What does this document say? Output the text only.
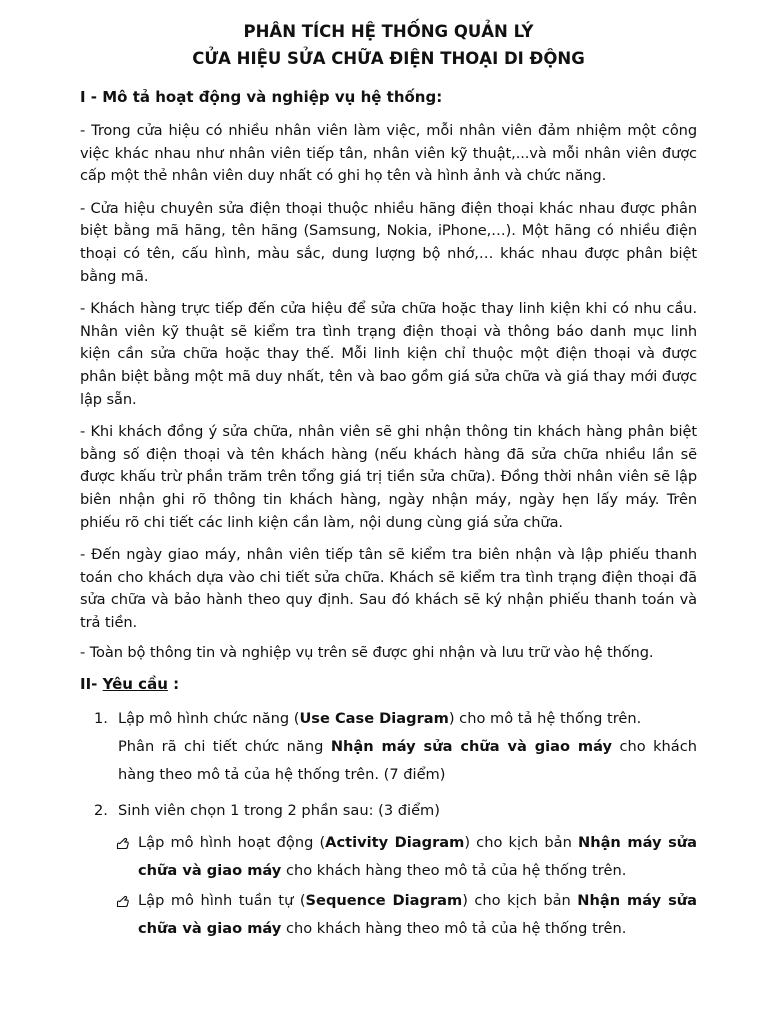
PHÂN TÍCH HỆ THỐNG QUẢN LÝ

CỬA HIỆU SỬA CHỮA ĐIỆN THOẠI DI ĐỘNG

I - Mô tả hoạt động và nghiệp vụ hệ thống:

- Trong cửa hiệu có nhiều nhân viên làm việc, mỗi nhân viên đảm nhiệm một công việc khác nhau như nhân viên tiếp tân, nhân viên kỹ thuật,...và mỗi nhân viên được cấp một thẻ nhân viên duy nhất có ghi họ tên và hình ảnh và chức năng.

- Cửa hiệu chuyên sửa điện thoại thuộc nhiều hãng điện thoại khác nhau được phân biệt bằng mã hãng, tên hãng (Samsung, Nokia, iPhone,…). Một hãng có nhiều điện thoại có tên, cấu hình, màu sắc, dung lượng bộ nhớ,… khác nhau được phân biệt bằng mã.

- Khách hàng trực tiếp đến cửa hiệu để sửa chữa hoặc thay linh kiện khi có nhu cầu. Nhân viên kỹ thuật sẽ kiểm tra tình trạng điện thoại và thông báo danh mục linh kiện cần sửa chữa hoặc thay thế. Mỗi linh kiện chỉ thuộc một điện thoại và được phân biệt bằng một mã duy nhất, tên và bao gồm giá sửa chữa và giá thay mới được lập sẵn.

- Khi khách đồng ý sửa chữa, nhân viên sẽ ghi nhận thông tin khách hàng phân biệt bằng số điện thoại và tên khách hàng (nếu khách hàng đã sửa chữa nhiều lần sẽ được khấu trừ phần trăm trên tổng giá trị tiền sửa chữa). Đồng thời nhân viên sẽ lập biên nhận ghi rõ thông tin khách hàng, ngày nhận máy, ngày hẹn lấy máy. Trên phiếu rõ chi tiết các linh kiện cần làm, nội dung cùng giá sửa chữa.

- Đến ngày giao máy, nhân viên tiếp tân sẽ kiểm tra biên nhận và lập phiếu thanh toán cho khách dựa vào chi tiết sửa chữa. Khách sẽ kiểm tra tình trạng điện thoại đã sửa chữa và bảo hành theo quy định. Sau đó khách sẽ ký nhận phiếu thanh toán và trả tiền.

- Toàn bộ thông tin và nghiệp vụ trên sẽ được ghi nhận và lưu trữ vào hệ thống.

II- Yêu cầu :

1. Lập mô hình chức năng (Use Case Diagram) cho mô tả hệ thống trên.
Phân rã chi tiết chức năng Nhận máy sửa chữa và giao máy cho khách hàng theo mô tả của hệ thống trên. (7 điểm)
2. Sinh viên chọn 1 trong 2 phần sau: (3 điểm)
Lập mô hình hoạt động (Activity Diagram) cho kịch bản Nhận máy sửa chữa và giao máy cho khách hàng theo mô tả của hệ thống trên.
Lập mô hình tuần tự (Sequence Diagram) cho kịch bản Nhận máy sửa chữa và giao máy cho khách hàng theo mô tả của hệ thống trên.
